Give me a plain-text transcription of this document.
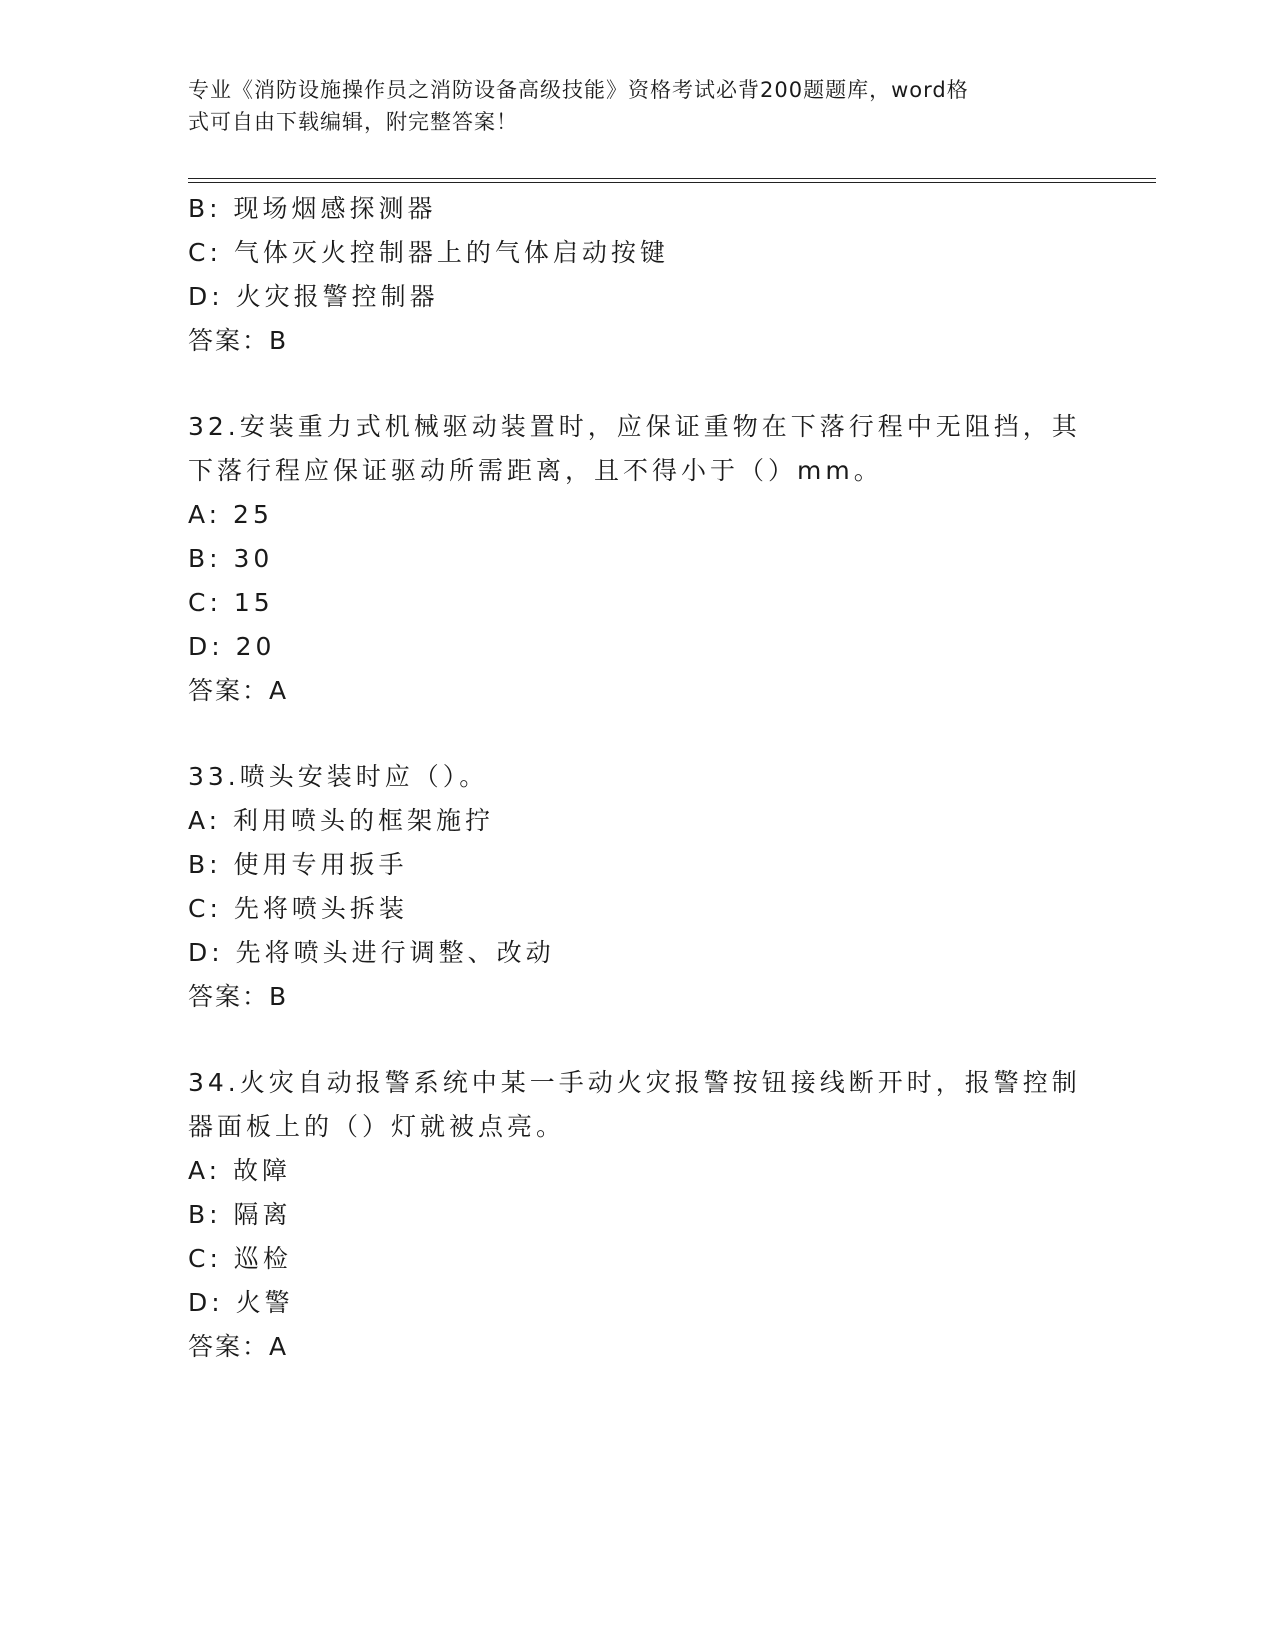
专业《消防设施操作员之消防设备高级技能》资格考试必背200题题库，word格
式可自由下载编辑，附完整答案！
B: 现场烟感探测器
C: 气体灭火控制器上的气体启动按键
D: 火灾报警控制器
答案：B
32.安装重力式机械驱动装置时，应保证重物在下落行程中无阻挡，其
下落行程应保证驱动所需距离，且不得小于（）mm。
A: 25
B: 30
C: 15
D: 20
答案：A
33.喷头安装时应（）。
A: 利用喷头的框架施拧
B: 使用专用扳手
C: 先将喷头拆装
D: 先将喷头进行调整、改动
答案：B
34.火灾自动报警系统中某一手动火灾报警按钮接线断开时，报警控制
器面板上的（）灯就被点亮。
A: 故障
B: 隔离
C: 巡检
D: 火警
答案：A
